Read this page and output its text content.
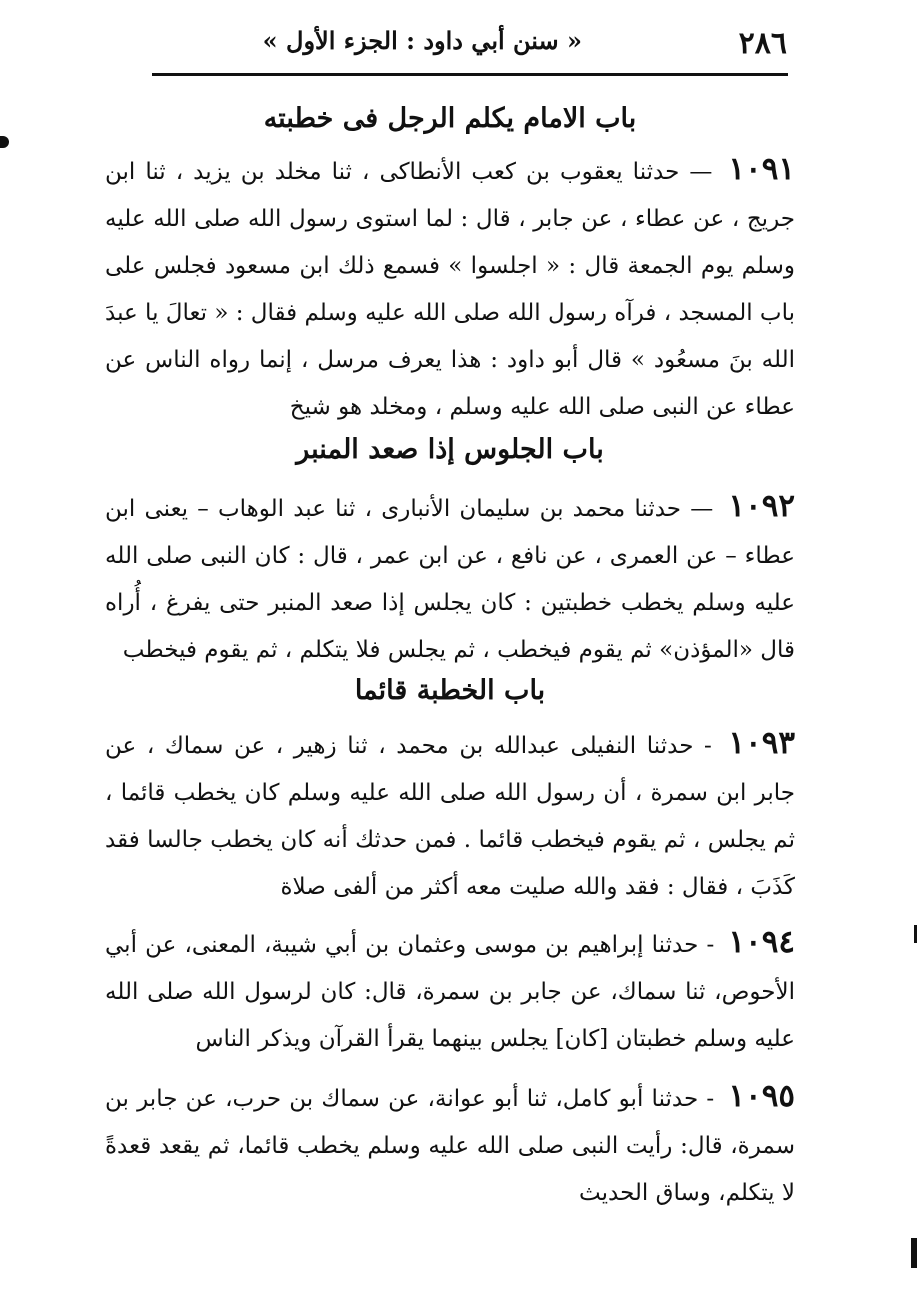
٢٨٦
« سنن أبي داود : الجزء الأول »
باب الامام يكلم الرجل فى خطبته

١٠٩١ — حدثنا يعقوب بن كعب الأنطاكى ، ثنا مخلد بن يزيد ، ثنا ابن جريج ، عن عطاء ، عن جابر ، قال : لما استوى رسول الله صلى الله عليه وسلم يوم الجمعة قال : « اجلسوا » فسمع ذلك ابن مسعود فجلس على باب المسجد ، فرآه رسول الله صلى الله عليه وسلم فقال : « تعالَ يا عبدَ الله بنَ مسعُود » قال أبو داود : هذا يعرف مرسل ، إنما رواه الناس عن عطاء عن النبى صلى الله عليه وسلم ، ومخلد هو شيخ

باب الجلوس إذا صعد المنبر

١٠٩٢ — حدثنا محمد بن سليمان الأنبارى ، ثنا عبد الوهاب – يعنى ابن عطاء – عن العمرى ، عن نافع ، عن ابن عمر ، قال : كان النبى صلى الله عليه وسلم يخطب خطبتين : كان يجلس إذا صعد المنبر حتى يفرغ ، أُراه قال «المؤذن» ثم يقوم فيخطب ، ثم يجلس فلا يتكلم ، ثم يقوم فيخطب

باب الخطبة قائما

١٠٩٣ - حدثنا النفيلى عبدالله بن محمد ، ثنا زهير ، عن سماك ، عن جابر ابن سمرة ، أن رسول الله صلى الله عليه وسلم كان يخطب قائما ، ثم يجلس ، ثم يقوم فيخطب قائما . فمن حدثك أنه كان يخطب جالسا فقد كَذَبَ ، فقال : فقد والله صليت معه أكثر من ألفى صلاة

١٠٩٤ - حدثنا إبراهيم بن موسى وعثمان بن أبي شيبة، المعنى، عن أبي الأحوص، ثنا سماك، عن جابر بن سمرة، قال: كان لرسول الله صلى الله عليه وسلم خطبتان [كان] يجلس بينهما يقرأ القرآن ويذكر الناس

١٠٩٥ - حدثنا أبو كامل، ثنا أبو عوانة، عن سماك بن حرب، عن جابر بن سمرة، قال: رأيت النبى صلى الله عليه وسلم يخطب قائما، ثم يقعد قعدةً لا يتكلم، وساق الحديث
